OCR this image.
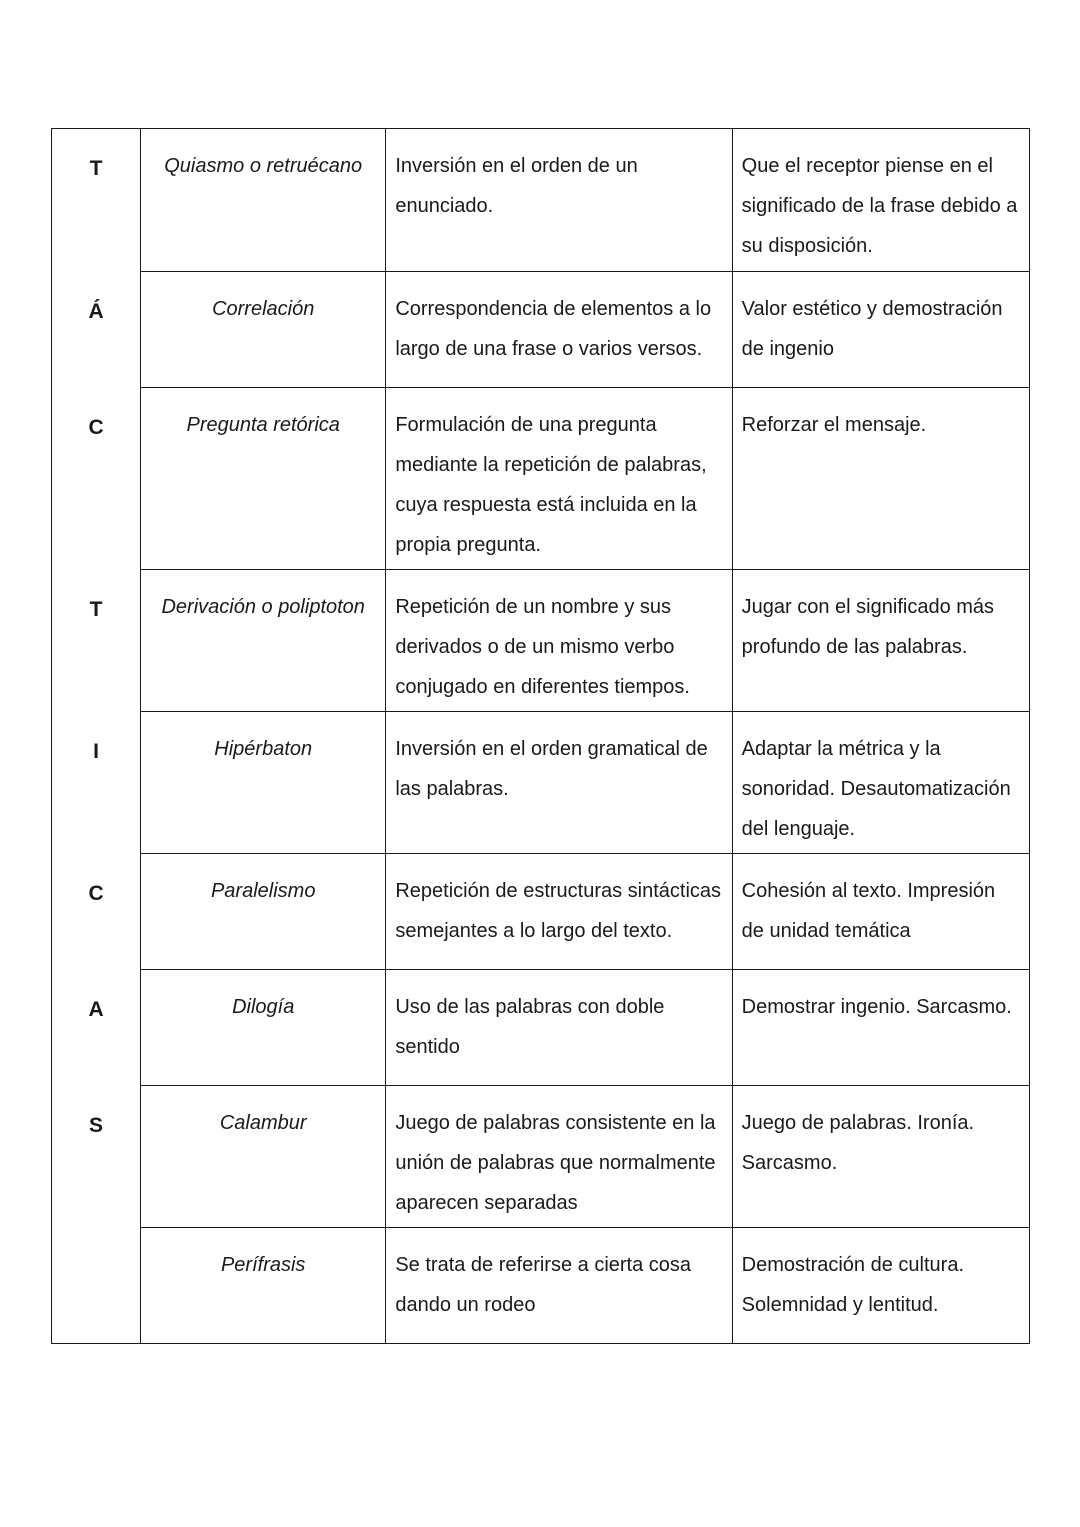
T	Quiasmo o retruécano	Inversión en el orden de un enunciado.	Que el receptor piense en el significado de la frase debido a su disposición.

Á	Correlación	Correspondencia de elementos a lo largo de una frase o varios versos.	Valor estético y demostración de ingenio

C	Pregunta retórica	Formulación de una pregunta mediante la repetición de palabras, cuya respuesta está incluida en la propia pregunta.	Reforzar el mensaje.

T	Derivación o poliptoton	Repetición de un nombre y sus derivados o de un mismo verbo conjugado en diferentes tiempos.	Jugar con el significado más profundo de las palabras.

I	Hipérbaton	Inversión en el orden gramatical de las palabras.	Adaptar la métrica y la sonoridad. Desautomatización del lenguaje.

C	Paralelismo	Repetición de estructuras sintácticas semejantes a lo largo del texto.	Cohesión al texto. Impresión de unidad temática

A	Dilogía	Uso de las palabras con doble sentido	Demostrar ingenio. Sarcasmo.

S	Calambur	Juego de palabras consistente en la unión de palabras que normalmente aparecen separadas	Juego de palabras. Ironía. Sarcasmo.

	Perífrasis	Se trata de referirse a cierta cosa dando un rodeo	Demostración de cultura. Solemnidad y lentitud.
